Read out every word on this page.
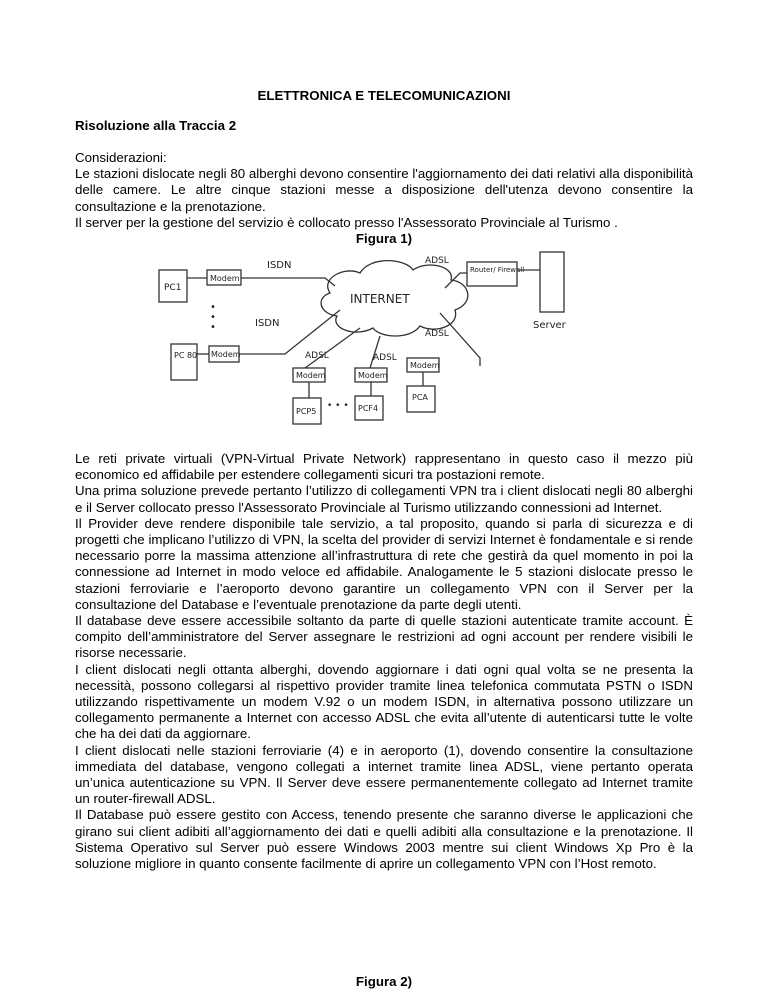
ELETTRONICA E TELECOMUNICAZIONI
Risoluzione alla Traccia 2

Considerazioni:

Le stazioni dislocate negli 80 alberghi devono consentire l'aggiornamento dei dati relativi alla disponibilità delle camere. Le altre cinque stazioni messe a disposizione dell'utenza devono consentire la consultazione e la prenotazione.

Il server per la gestione del servizio è collocato presso l'Assessorato Provinciale al Turismo .

Figura 1)
PC1
Modem
ISDN
•
•
•
PC 80 Modem
ISDN
INTERNET
ADSL
Router/ Firewall
Server
ADSL
Modem
PCA
ADSL
Modem
PCF4
ADSL
Modem
PCP5
• • •

Le reti private virtuali (VPN-Virtual Private Network) rappresentano in questo caso il mezzo più economico ed affidabile per estendere collegamenti sicuri tra postazioni remote.

Una prima soluzione prevede pertanto l’utilizzo di collegamenti VPN tra i client dislocati negli 80 alberghi e il Server collocato presso l'Assessorato Provinciale al Turismo utilizzando connessioni ad Internet.

Il Provider deve rendere disponibile tale servizio, a tal proposito, quando si parla di sicurezza e di progetti che implicano l’utilizzo di VPN, la scelta del provider di servizi Internet è fondamentale e si rende necessario porre la massima attenzione all’infrastruttura di rete che gestirà da quel momento in poi la connessione ad Internet in modo veloce ed affidabile. Analogamente le 5 stazioni dislocate presso le stazioni ferroviarie e l’aeroporto devono garantire un collegamento VPN con il Server per la consultazione del Database e l’eventuale prenotazione da parte degli utenti.

Il database deve essere accessibile soltanto da parte di quelle stazioni autenticate tramite account. È compito dell’amministratore del Server assegnare le restrizioni ad ogni account per rendere visibili le risorse necessarie.

I client dislocati negli ottanta alberghi, dovendo aggiornare i dati ogni qual volta se ne presenta la necessità, possono collegarsi al rispettivo provider tramite linea telefonica commutata PSTN o ISDN utilizzando rispettivamente un modem V.92 o un modem ISDN, in alternativa possono utilizzare un collegamento permanente a Internet con accesso ADSL che evita all’utente di autenticarsi tutte le volte che ha dei dati da aggiornare.

I client dislocati nelle stazioni ferroviarie (4) e in aeroporto (1), dovendo consentire la consultazione immediata del database, vengono collegati a internet tramite linea ADSL, viene pertanto operata un’unica autenticazione su VPN. Il Server deve essere permanentemente collegato ad Internet tramite un router-firewall ADSL.

Il Database può essere gestito con Access, tenendo presente che saranno diverse le applicazioni che girano sui client adibiti all’aggiornamento dei dati e quelli adibiti alla consultazione e la prenotazione. Il Sistema Operativo sul Server può essere Windows 2003 mentre sui client Windows Xp Pro è la soluzione migliore in quanto consente facilmente di aprire un collegamento VPN con l’Host remoto.

Figura 2)
